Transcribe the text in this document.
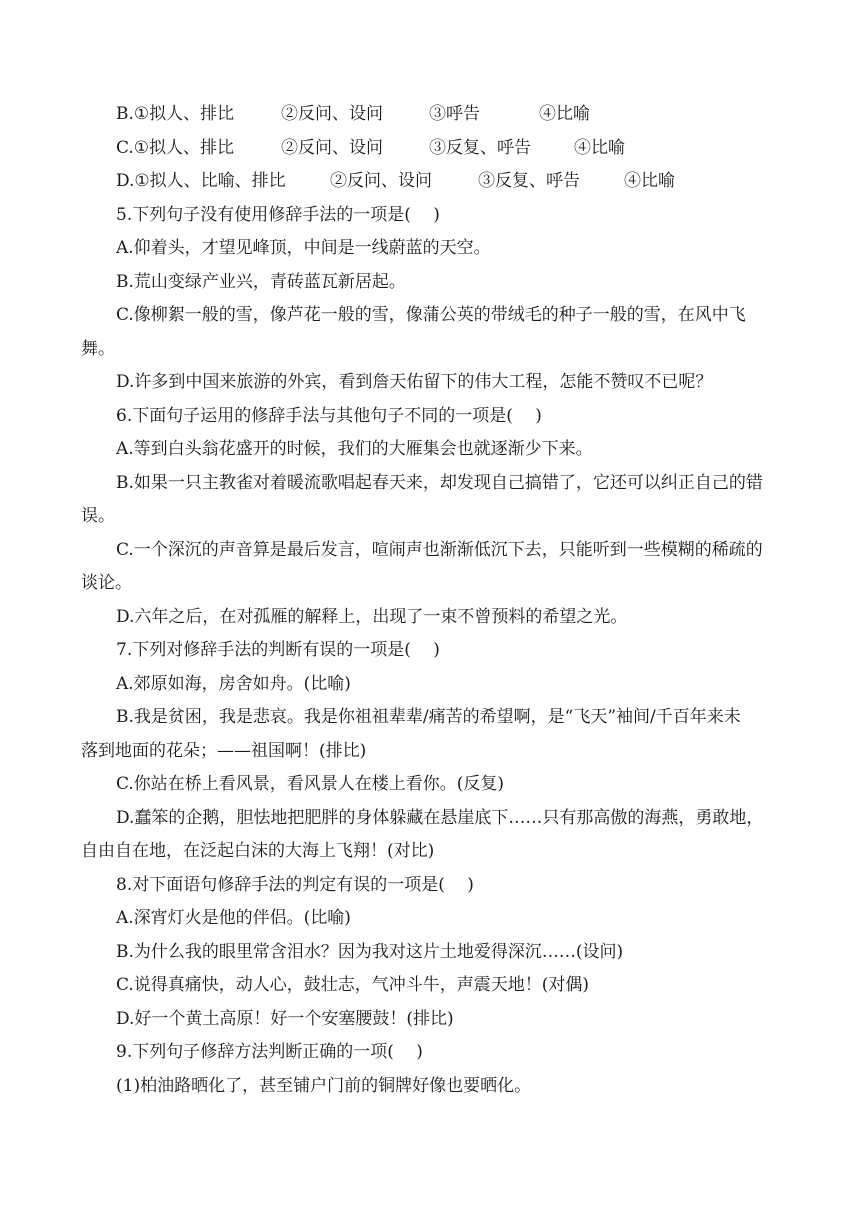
B.①拟人、排比	②反问、设问	③呼告	④比喻

C.①拟人、排比	②反问、设问	③反复、呼告	④比喻

D.①拟人、比喻、排比	②反问、设问	③反复、呼告	④比喻

5.下列句子没有使用修辞手法的一项是(　 )

A.仰着头，才望见峰顶，中间是一线蔚蓝的天空。

B.荒山变绿产业兴，青砖蓝瓦新居起。

C.像柳絮一般的雪，像芦花一般的雪，像蒲公英的带绒毛的种子一般的雪，在风中飞

舞。

D.许多到中国来旅游的外宾，看到詹天佑留下的伟大工程，怎能不赞叹不已呢？

6.下面句子运用的修辞手法与其他句子不同的一项是(　 )

A.等到白头翁花盛开的时候，我们的大雁集会也就逐渐少下来。

B.如果一只主教雀对着暖流歌唱起春天来，却发现自己搞错了，它还可以纠正自己的错

误。

C.一个深沉的声音算是最后发言，喧闹声也渐渐低沉下去，只能听到一些模糊的稀疏的

谈论。

D.六年之后，在对孤雁的解释上，出现了一束不曾预料的希望之光。

7.下列对修辞手法的判断有误的一项是(　 )

A.郊原如海，房舍如舟。(比喻)

B.我是贫困，我是悲哀。我是你祖祖辈辈/痛苦的希望啊，是“飞天”袖间/千百年来未

落到地面的花朵；——祖国啊！(排比)

C.你站在桥上看风景，看风景人在楼上看你。(反复)

D.蠢笨的企鹅，胆怯地把肥胖的身体躲藏在悬崖底下……只有那高傲的海燕，勇敢地，

自由自在地，在泛起白沫的大海上飞翔！(对比)

8.对下面语句修辞手法的判定有误的一项是(　 )

A.深宵灯火是他的伴侣。(比喻)

B.为什么我的眼里常含泪水？因为我对这片土地爱得深沉……(设问)

C.说得真痛快，动人心，鼓壮志，气冲斗牛，声震天地！(对偶)

D.好一个黄土高原！好一个安塞腰鼓！(排比)

9.下列句子修辞方法判断正确的一项(　 )

(1)柏油路晒化了，甚至铺户门前的铜牌好像也要晒化。
